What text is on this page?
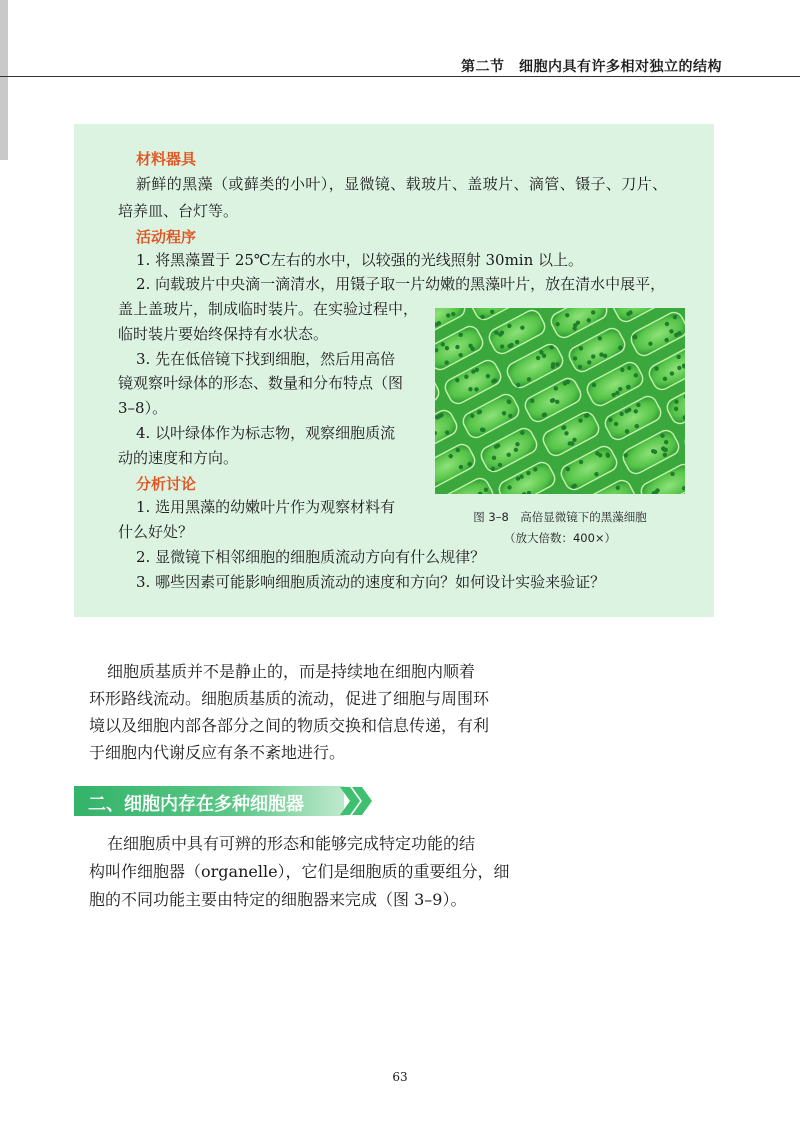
第二节　细胞内具有许多相对独立的结构
材料器具
新鲜的黑藻（或藓类的小叶），显微镜、载玻片、盖玻片、滴管、镊子、刀片、
培养皿、台灯等。
活动程序
1. 将黑藻置于 25℃左右的水中，以较强的光线照射 30min 以上。
2. 向载玻片中央滴一滴清水，用镊子取一片幼嫩的黑藻叶片，放在清水中展平，
盖上盖玻片，制成临时装片。在实验过程中，
临时装片要始终保持有水状态。
3. 先在低倍镜下找到细胞，然后用高倍
镜观察叶绿体的形态、数量和分布特点（图
3–8）。
4. 以叶绿体作为标志物，观察细胞质流
动的速度和方向。
分析讨论
1. 选用黑藻的幼嫩叶片作为观察材料有
什么好处？
2. 显微镜下相邻细胞的细胞质流动方向有什么规律？
3. 哪些因素可能影响细胞质流动的速度和方向？如何设计实验来验证？
图 3–8　高倍显微镜下的黑藻细胞
（放大倍数：400×）
细胞质基质并不是静止的，而是持续地在细胞内顺着
环形路线流动。细胞质基质的流动，促进了细胞与周围环
境以及细胞内部各部分之间的物质交换和信息传递，有利
于细胞内代谢反应有条不紊地进行。
二、细胞内存在多种细胞器
在细胞质中具有可辨的形态和能够完成特定功能的结
构叫作细胞器（organelle），它们是细胞质的重要组分，细
胞的不同功能主要由特定的细胞器来完成（图 3–9）。
63
